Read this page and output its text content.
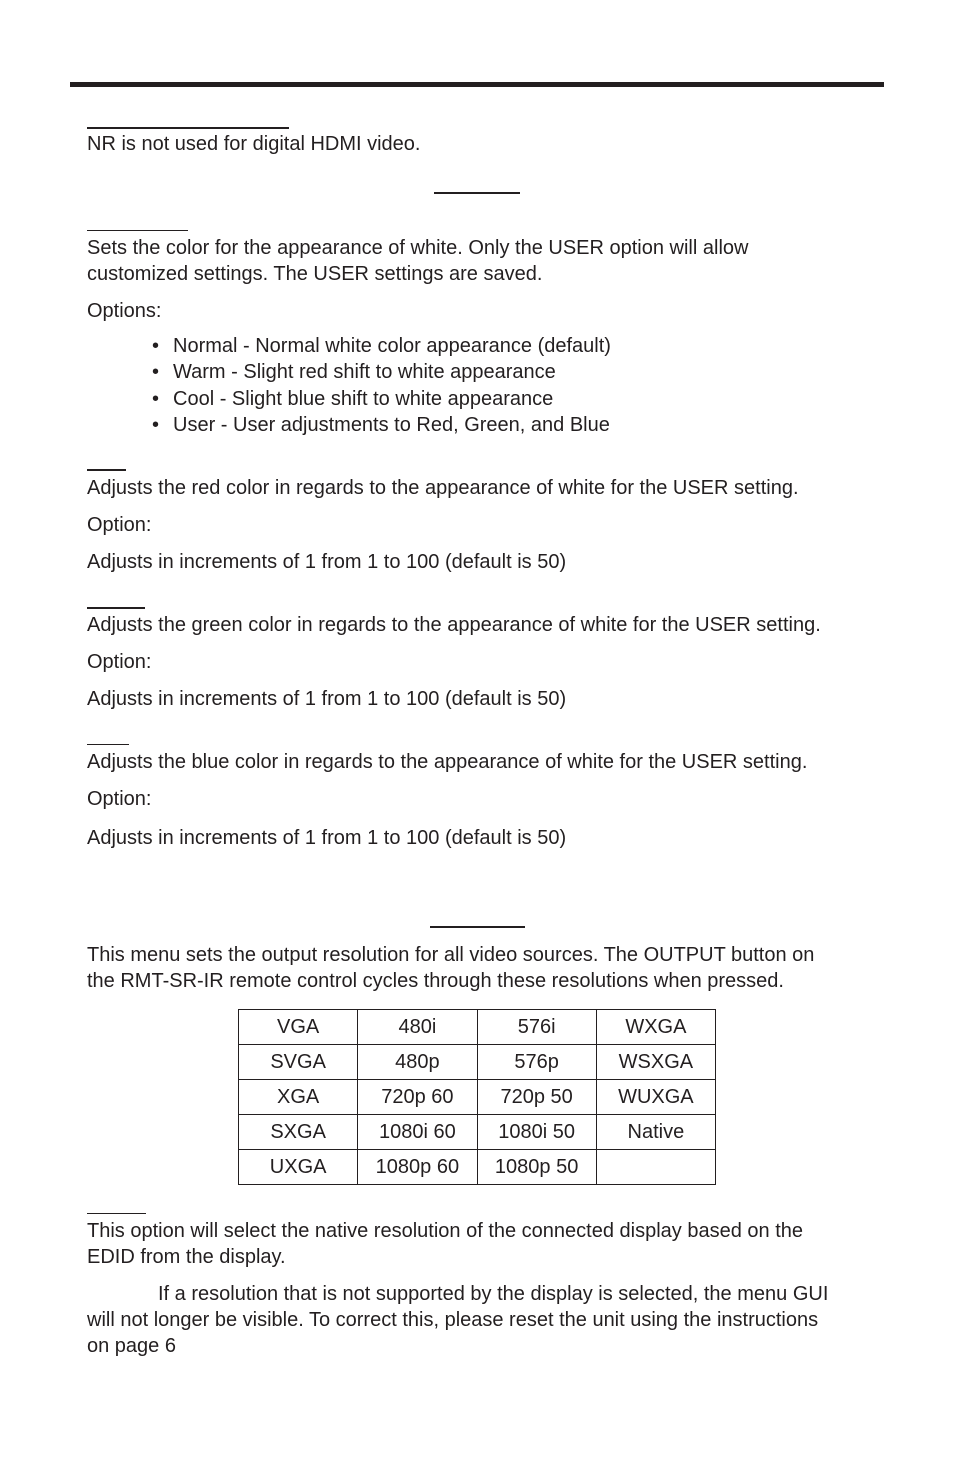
NR is not used for digital HDMI video.

Sets the color for the appearance of white. Only the USER option will allow

customized settings. The USER settings are saved.

Options:

• Normal - Normal white color appearance (default)
• Warm - Slight red shift to white appearance
• Cool - Slight blue shift to white appearance
• User - User adjustments to Red, Green, and Blue

Adjusts the red color in regards to the appearance of white for the USER setting.

Option:

Adjusts in increments of 1 from 1 to 100 (default is 50)

Adjusts the green color in regards to the appearance of white for the USER setting.

Option:

Adjusts in increments of 1 from 1 to 100 (default is 50)

Adjusts the blue color in regards to the appearance of white for the USER setting.

Option:

Adjusts in increments of 1 from 1 to 100 (default is 50)

This menu sets the output resolution for all video sources. The OUTPUT button on

the RMT-SR-IR remote control cycles through these resolutions when pressed.

VGA	480i	576i	WXGA
SVGA	480p	576p	WSXGA
XGA	720p 60	720p 50	WUXGA
SXGA	1080i 60	1080i 50	Native
UXGA	1080p 60	1080p 50	

This option will select the native resolution of the connected display based on the

EDID from the display.

If a resolution that is not supported by the display is selected, the menu GUI

will not longer be visible. To correct this, please reset the unit using the instructions

on page 6
